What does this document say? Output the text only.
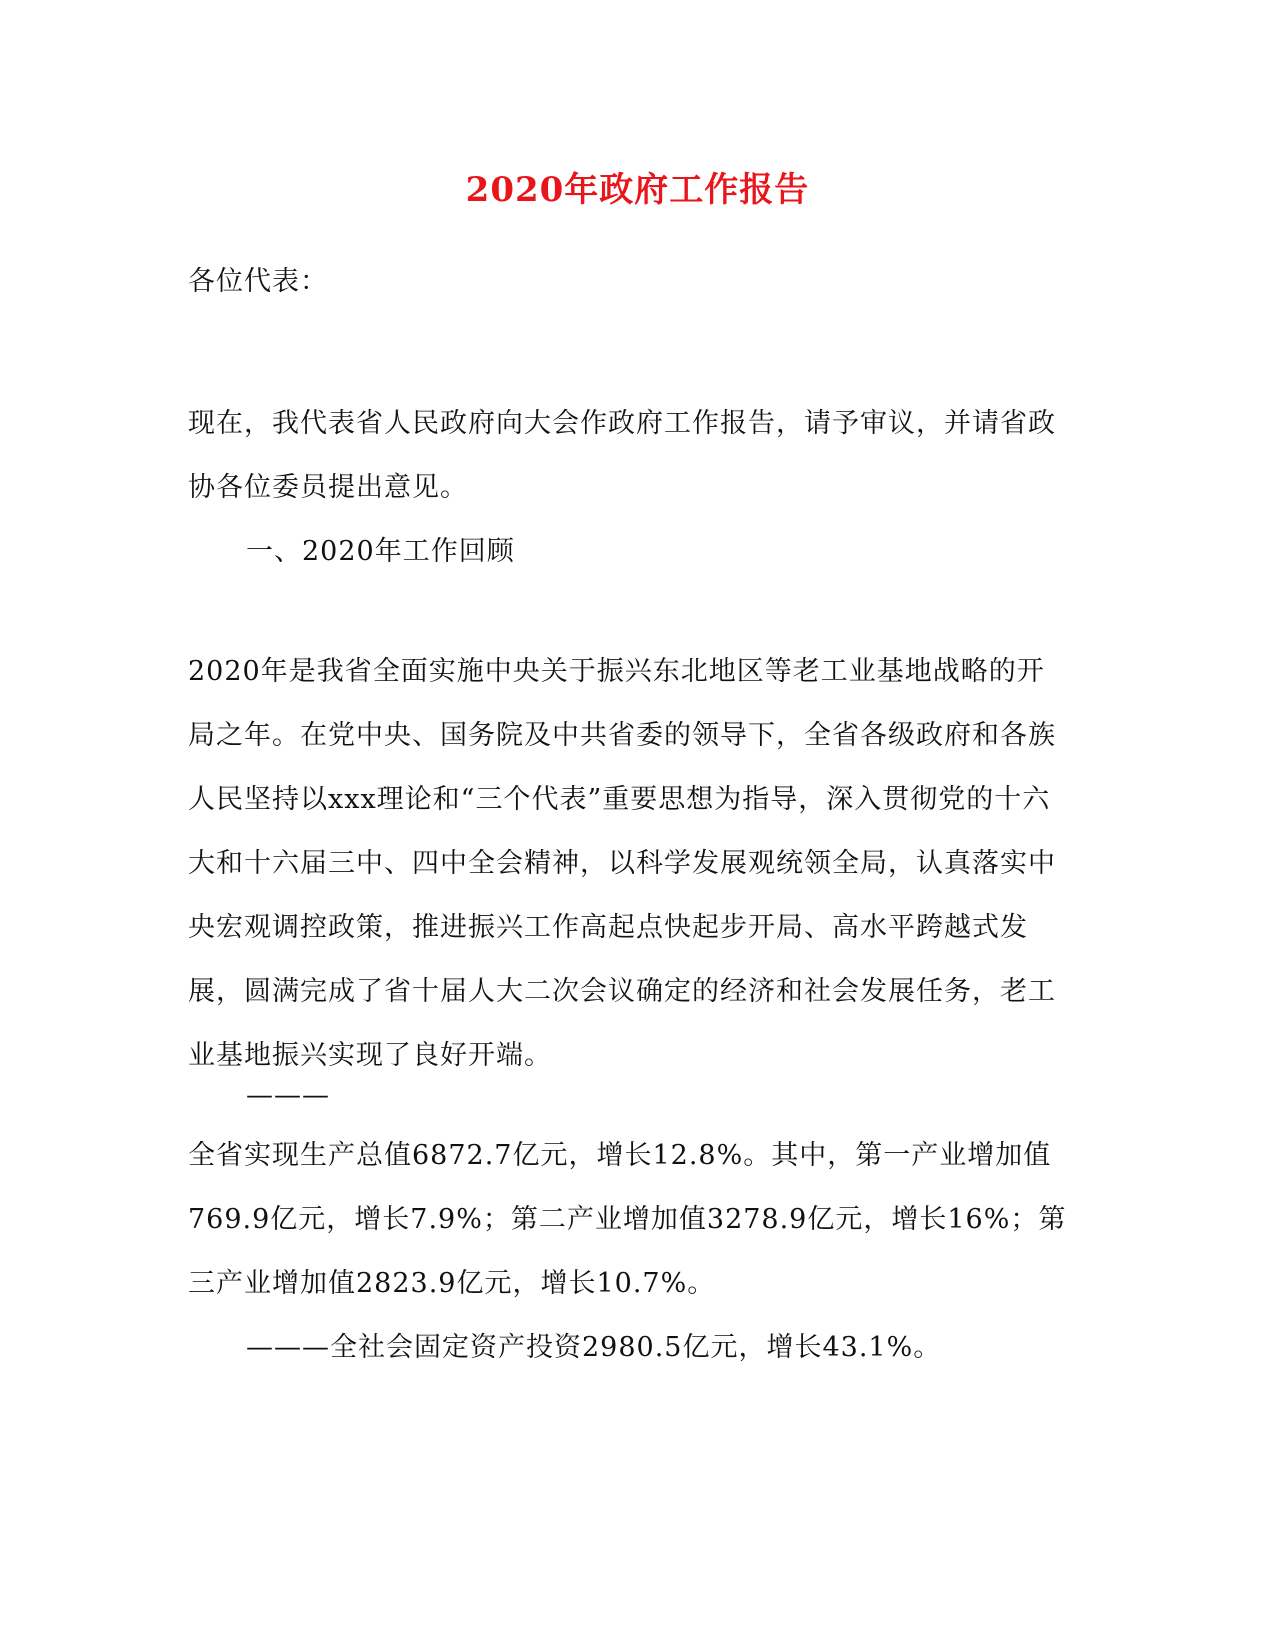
2020年政府工作报告
各位代表：
现在，我代表省人民政府向大会作政府工作报告，请予审议，并请省政协各位委员提出意见。
一、2020年工作回顾
2020年是我省全面实施中央关于振兴东北地区等老工业基地战略的开局之年。在党中央、国务院及中共省委的领导下，全省各级政府和各族人民坚持以xxx理论和“三个代表”重要思想为指导，深入贯彻党的十六大和十六届三中、四中全会精神，以科学发展观统领全局，认真落实中央宏观调控政策，推进振兴工作高起点快起步开局、高水平跨越式发展，圆满完成了省十届人大二次会议确定的经济和社会发展任务，老工业基地振兴实现了良好开端。
———
全省实现生产总值6872.7亿元，增长12.8%。其中，第一产业增加值769.9亿元，增长7.9%；第二产业增加值3278.9亿元，增长16%；第三产业增加值2823.9亿元，增长10.7%。
———全社会固定资产投资2980.5亿元，增长43.1%。
